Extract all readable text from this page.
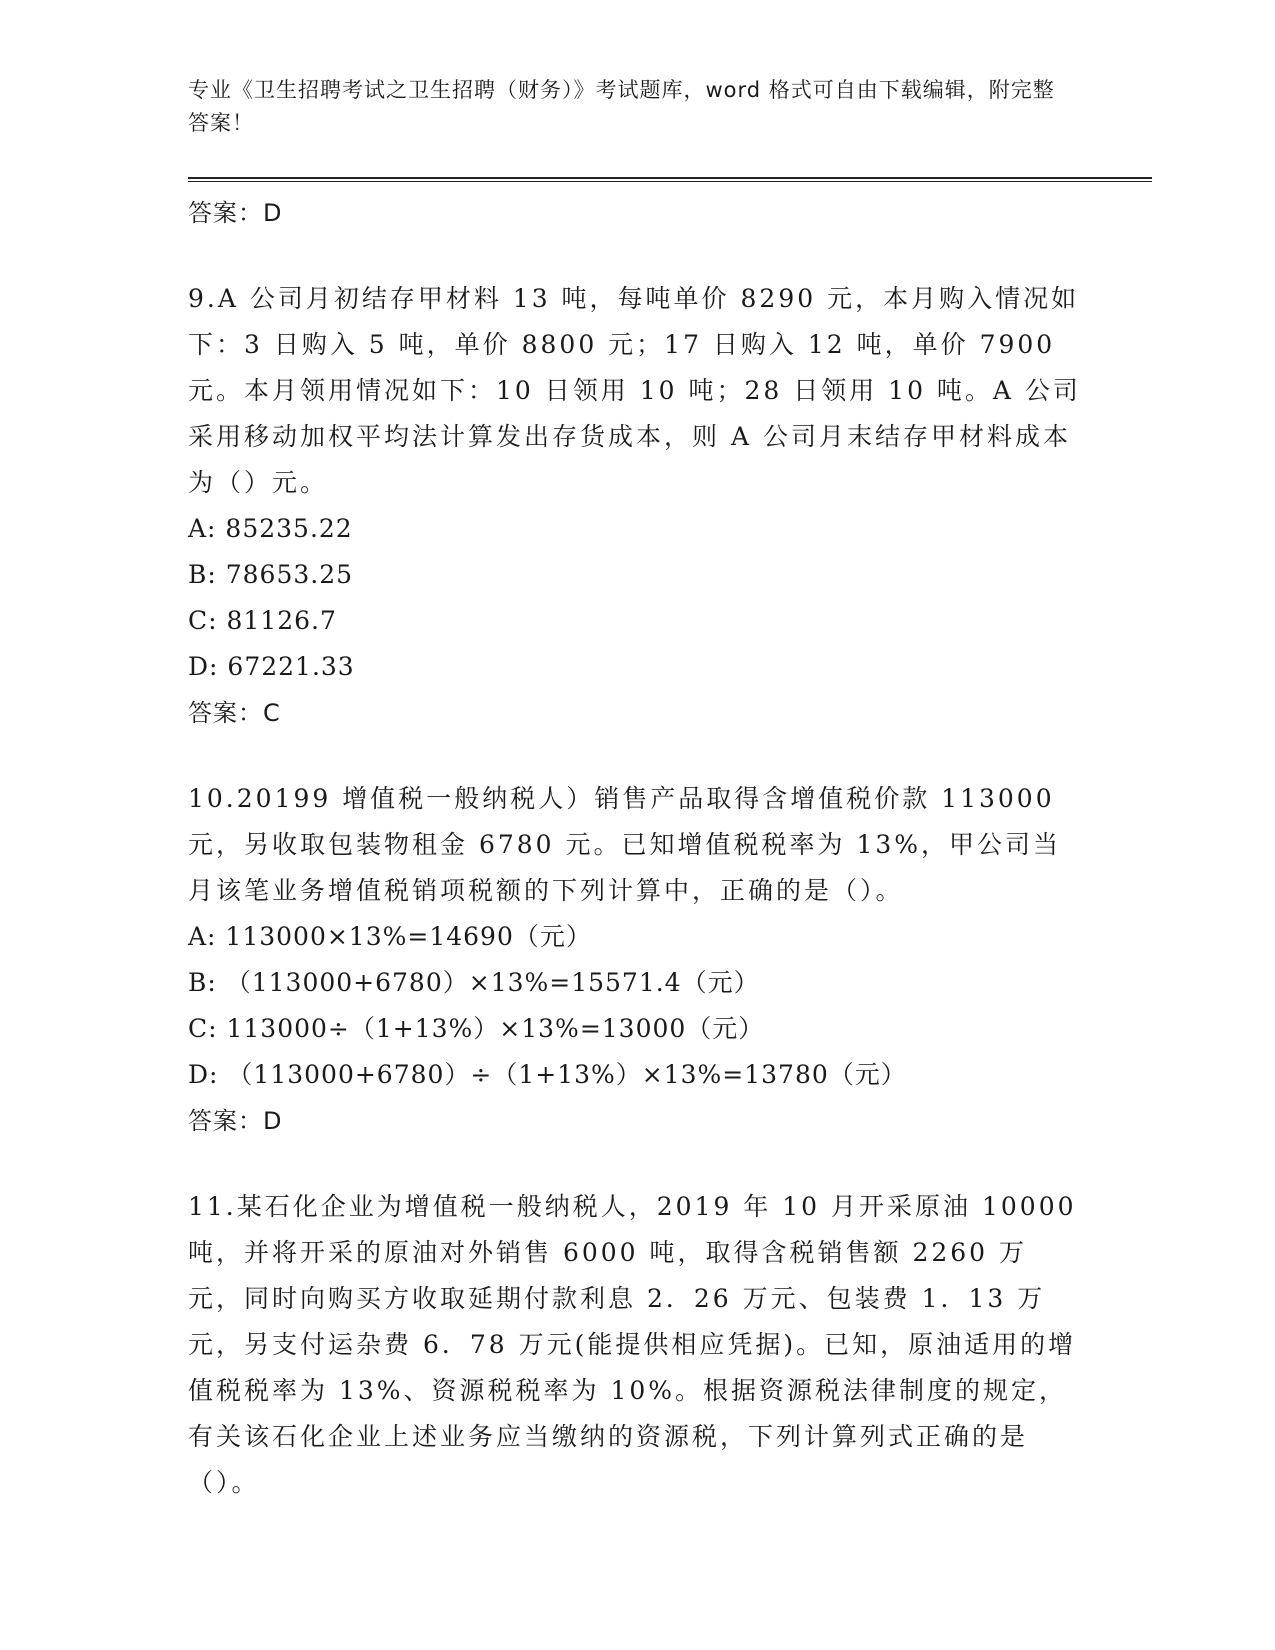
专业《卫生招聘考试之卫生招聘（财务）》考试题库，word 格式可自由下载编辑，附完整答案！
答案：D
9.A 公司月初结存甲材料 13 吨，每吨单价 8290 元，本月购入情况如下：3 日购入 5 吨，单价 8800 元；17 日购入 12 吨，单价 7900 元。本月领用情况如下：10 日领用 10 吨；28 日领用 10 吨。A 公司采用移动加权平均法计算发出存货成本，则 A 公司月末结存甲材料成本为（）元。
A: 85235.22
B: 78653.25
C: 81126.7
D: 67221.33
答案：C
10.20199 增值税一般纳税人）销售产品取得含增值税价款 113000 元，另收取包装物租金 6780 元。已知增值税税率为 13%，甲公司当月该笔业务增值税销项税额的下列计算中，正确的是（）。
A: 113000×13%=14690（元）
B: （113000+6780）×13%=15571.4（元）
C: 113000÷（1+13%）×13%=13000（元）
D: （113000+6780）÷（1+13%）×13%=13780（元）
答案：D
11.某石化企业为增值税一般纳税人，2019 年 10 月开采原油 10000 吨，并将开采的原油对外销售 6000 吨，取得含税销售额 2260 万元，同时向购买方收取延期付款利息 2．26 万元、包装费 1．13 万元，另支付运杂费 6．78 万元(能提供相应凭据)。已知，原油适用的增值税税率为 13%、资源税税率为 10%。根据资源税法律制度的规定，有关该石化企业上述业务应当缴纳的资源税，下列计算列式正确的是（）。
